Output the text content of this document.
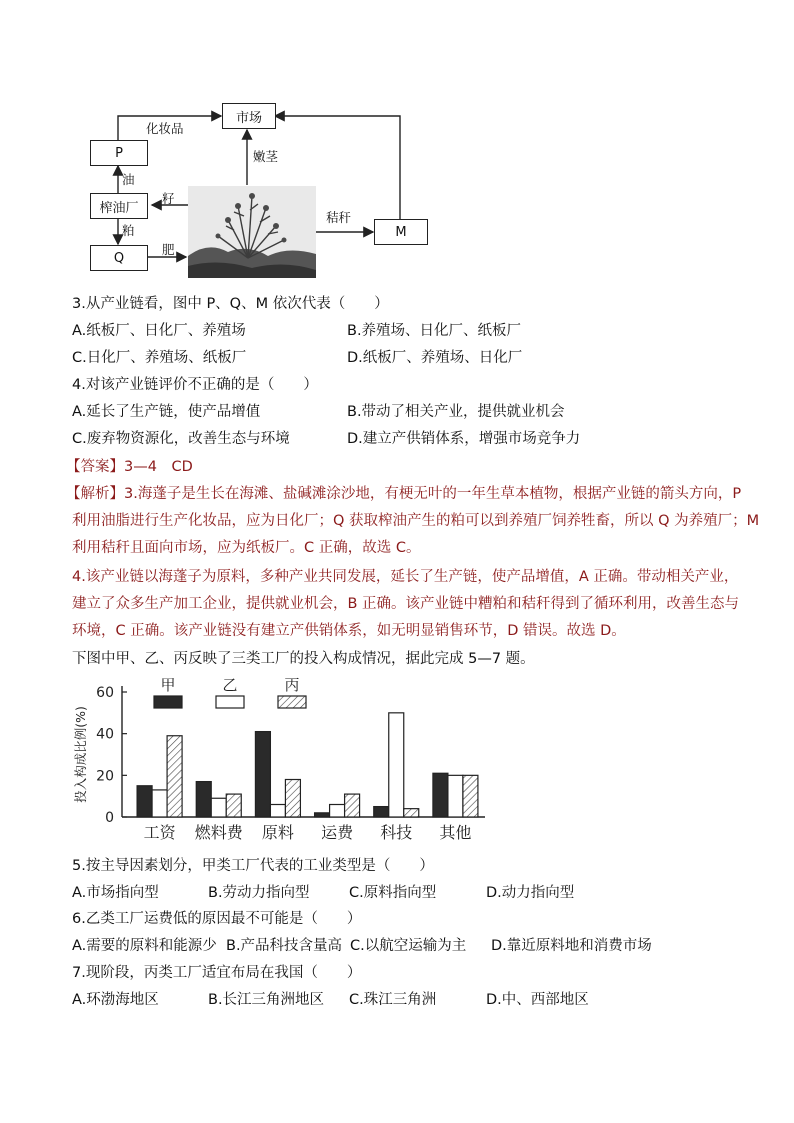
市场
P
榨油厂
Q
M
化妆品
油
籽
粕
肥
嫩茎
秸秆
3.从产业链看，图中 P、Q、M 依次代表（　　）
A.纸板厂、日化厂、养殖场	B.养殖场、日化厂、纸板厂
C.日化厂、养殖场、纸板厂	D.纸板厂、养殖场、日化厂
4.对该产业链评价不正确的是（　　）
A.延长了生产链，使产品增值	B.带动了相关产业，提供就业机会
C.废弃物资源化，改善生态与环境	D.建立产供销体系，增强市场竞争力
【答案】3—4　CD
【解析】3.海蓬子是生长在海滩、盐碱滩涂沙地，有梗无叶的一年生草本植物，根据产业链的箭头方向，P
利用油脂进行生产化妆品，应为日化厂；Q 获取榨油产生的粕可以到养殖厂饲养牲畜，所以 Q 为养殖厂；M
利用秸秆且面向市场，应为纸板厂。C 正确，故选 C。
4.该产业链以海蓬子为原料，多种产业共同发展，延长了生产链，使产品增值，A 正确。带动相关产业，
建立了众多生产加工企业，提供就业机会，B 正确。该产业链中糟粕和秸秆得到了循环利用，改善生态与
环境，C 正确。该产业链没有建立产供销体系，如无明显销售环节，D 错误。故选 D。
下图中甲、乙、丙反映了三类工厂的投入构成情况，据此完成 5—7 题。
0
20
40
60
投入构成比例(%)
工资 燃料费 原料 运费 科技 其他
甲	乙	丙
5.按主导因素划分，甲类工厂代表的工业类型是（　　）
A.市场指向型	B.劳动力指向型	C.原料指向型	D.动力指向型
6.乙类工厂运费低的原因最不可能是（　　）
A.需要的原料和能源少 B.产品科技含量高 C.以航空运输为主 D.靠近原料地和消费市场
7.现阶段，丙类工厂适宜布局在我国（　　）
A.环渤海地区	B.长江三角洲地区 C.珠江三角洲	D.中、西部地区
